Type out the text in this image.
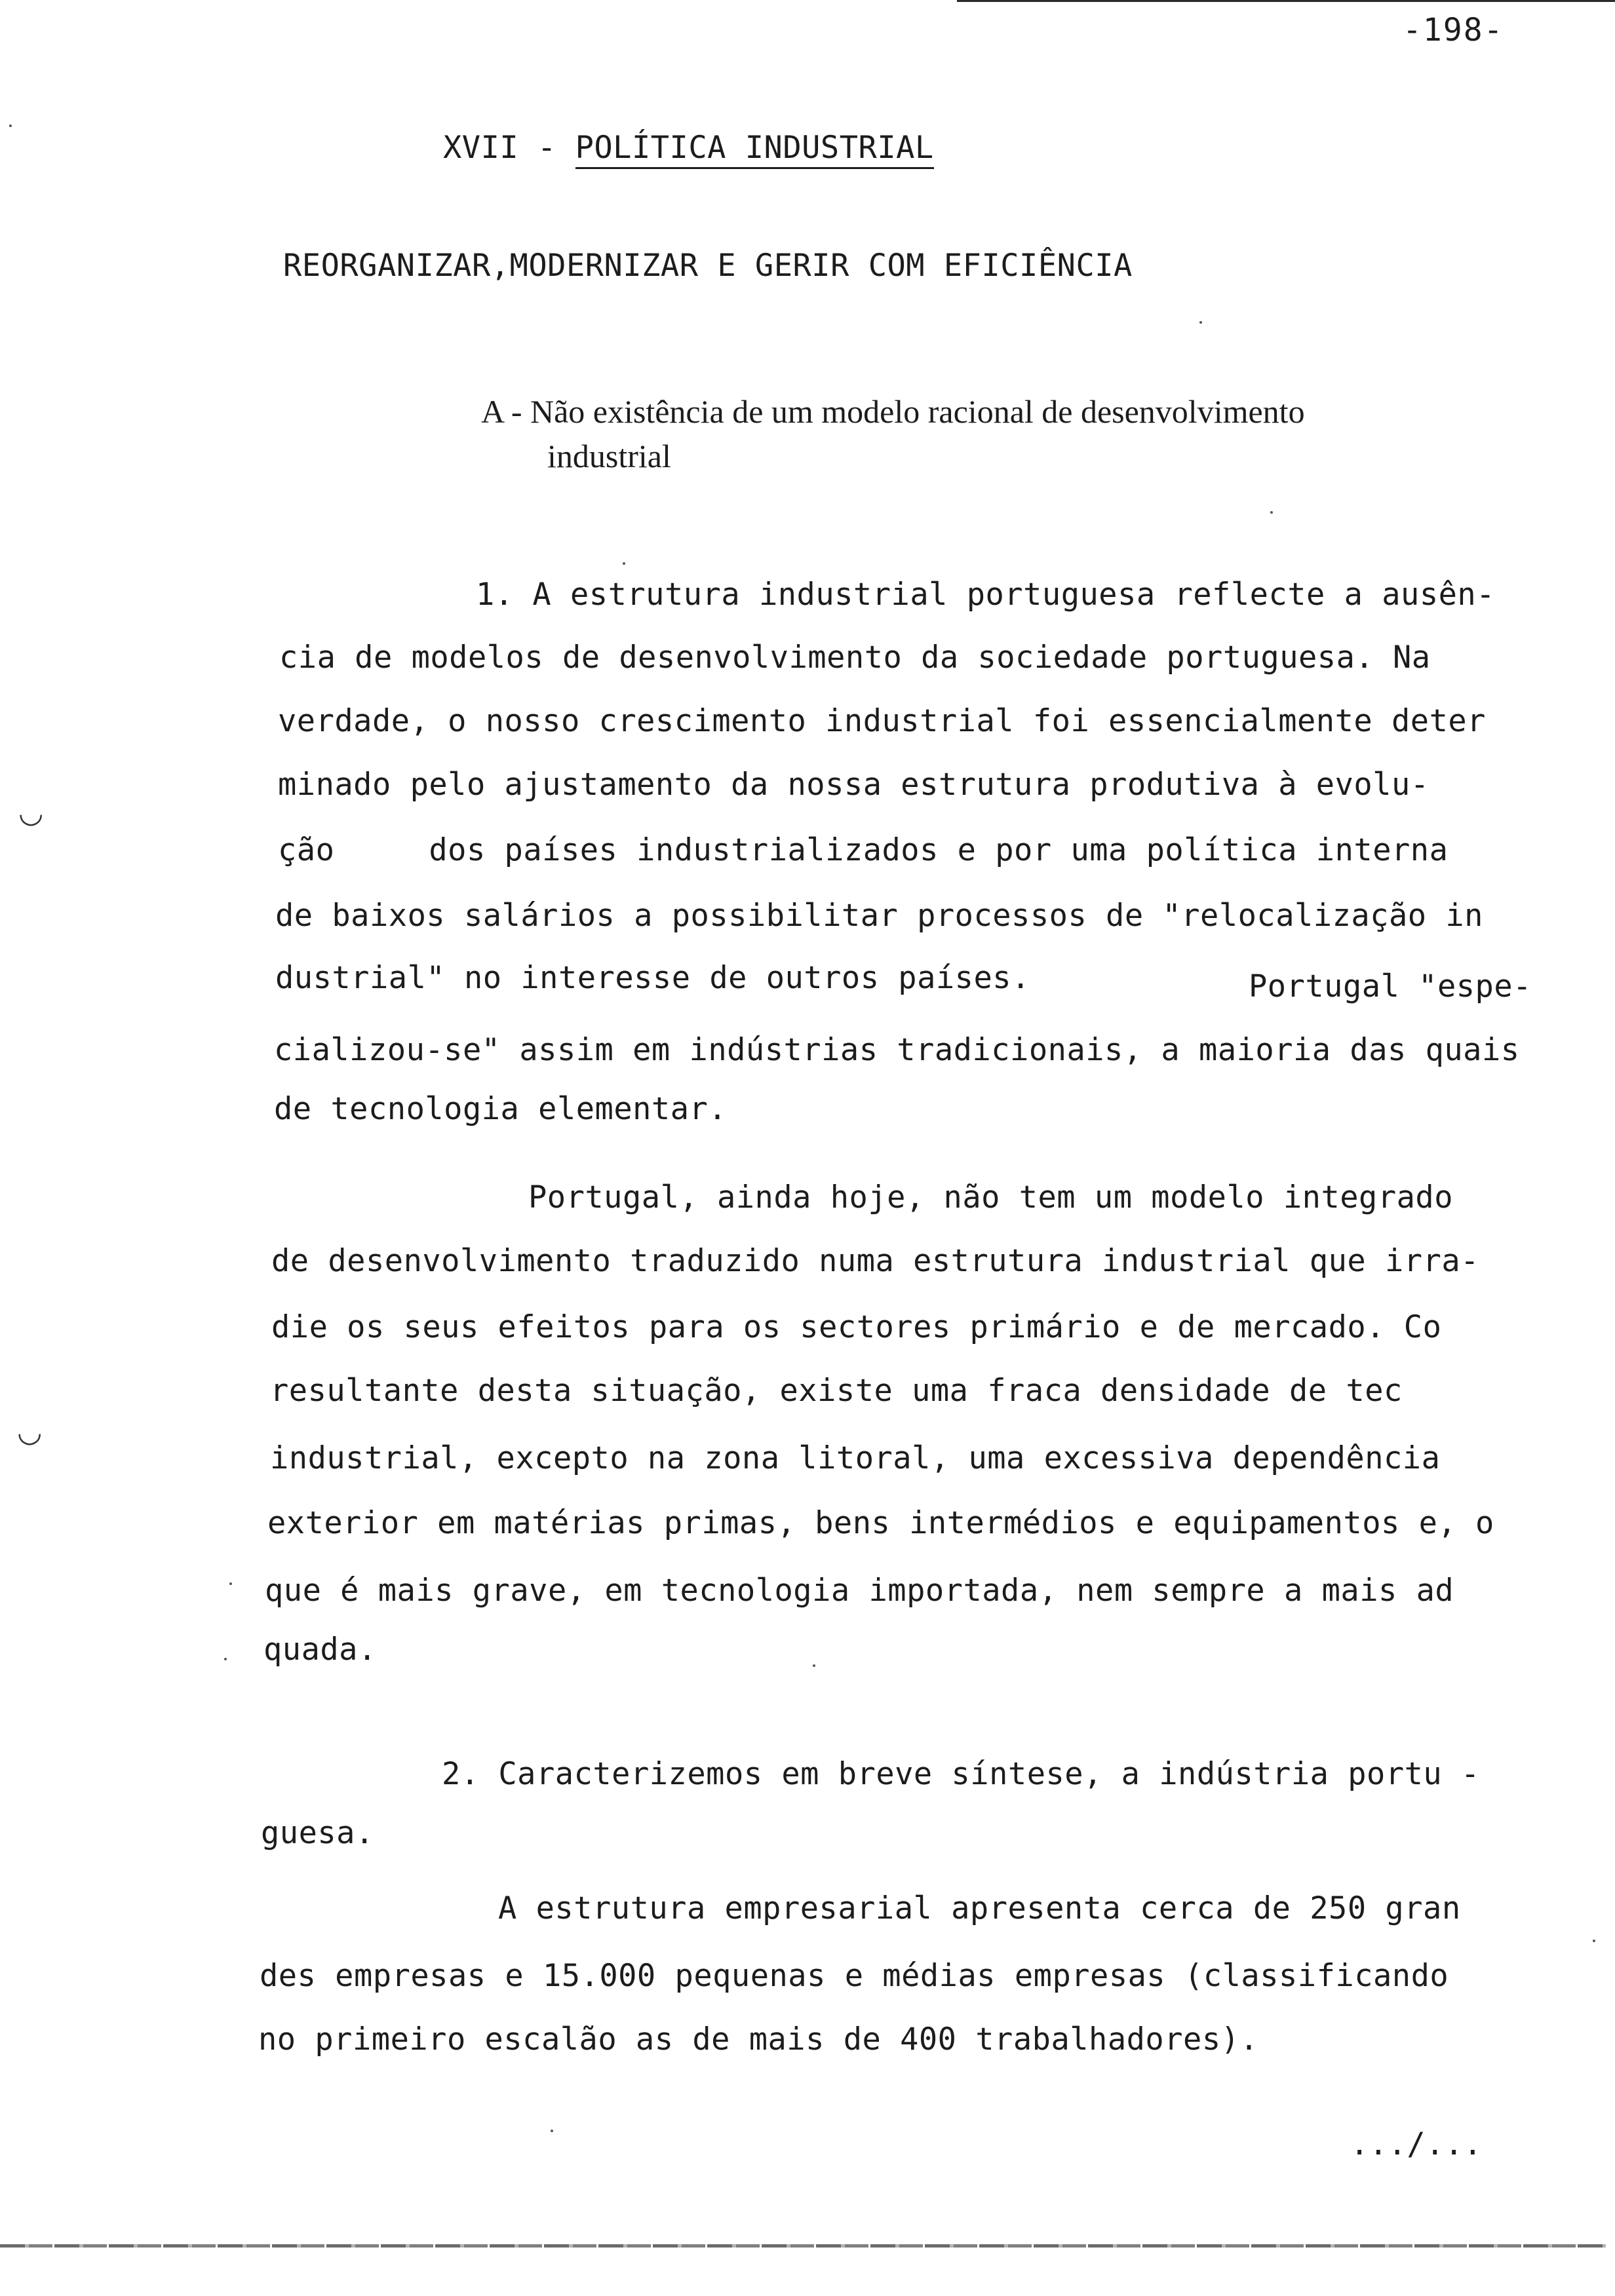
-198-
XVII - POLÍTICA INDUSTRIAL
REORGANIZAR,MODERNIZAR E GERIR COM EFICIÊNCIA
A - Não existência de um modelo racional de desenvolvimento
industrial
1. A estrutura industrial portuguesa reflecte a ausên-
cia de modelos de desenvolvimento da sociedade portuguesa. Na
verdade, o nosso crescimento industrial foi essencialmente deter
minado pelo ajustamento da nossa estrutura produtiva à evolu-
ção     dos países industrializados e por uma política interna
de baixos salários a possibilitar processos de "relocalização in
dustrial" no interesse de outros países.	Portugal "espe-
cializou-se" assim em indústrias tradicionais, a maioria das quais
de tecnologia elementar.
Portugal, ainda hoje, não tem um modelo integrado
de desenvolvimento traduzido numa estrutura industrial que irra-
die os seus efeitos para os sectores primário e de mercado. Co
resultante desta situação, existe uma fraca densidade de tec
industrial, excepto na zona litoral, uma excessiva dependência
exterior em matérias primas, bens intermédios e equipamentos e, o
que é mais grave, em tecnologia importada, nem sempre a mais ad
quada.
2. Caracterizemos em breve síntese, a indústria portu -
guesa.
A estrutura empresarial apresenta cerca de 250 gran
des empresas e 15.000 pequenas e médias empresas (classificando
no primeiro escalão as de mais de 400 trabalhadores).
.../...
◡
◡
